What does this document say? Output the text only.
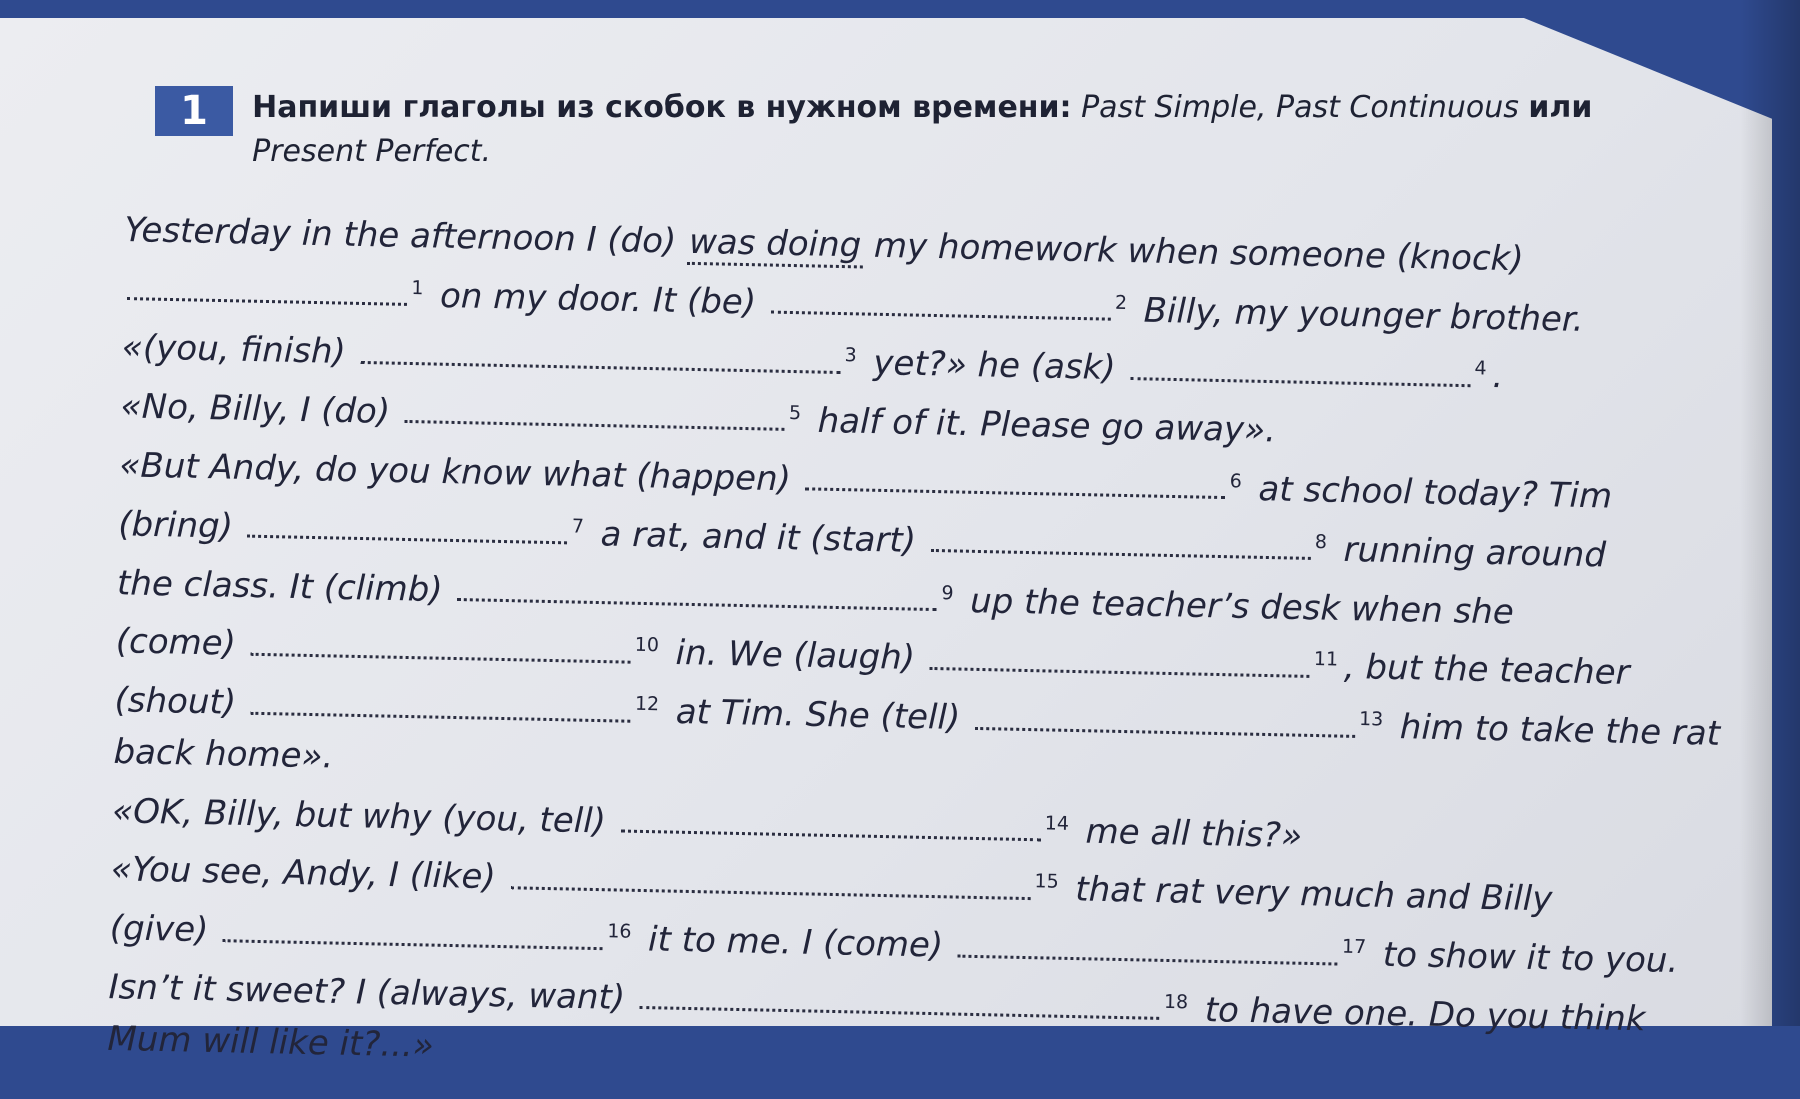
1 Напиши глаголы из скобок в нужном времени: Past Simple, Past Continuous или Present Perfect.
Yesterday in the afternoon I (do) was doing my homework when someone (knock)
$^1$ on my door. It (be)	$^2$ Billy, my younger brother.
«(you, finish)	$^3$ yet?» he (ask)	$^4$ .
«No, Billy, I (do)	$^5$ half of it. Please go away».
«But Andy, do you know what (happen)	$^6$ at school today? Tim
(bring)	$^7$ a rat, and it (start)	$^8$ running around
the class. It (climb)	$^9$ up the teacher’s desk when she
(come)	$^{10}$ in. We (laugh)	$^{11}$ , but the teacher
(shout)	$^{12}$ at Tim. She (tell)	$^{13}$ him to take the rat
back home».
«OK, Billy, but why (you, tell)	$^{14}$ me all this?»
«You see, Andy, I (like)	$^{15}$ that rat very much and Billy
(give)	$^{16}$ it to me. I (come)	$^{17}$ to show it to you.
Isn’t it sweet? I (always, want)	$^{18}$ to have one. Do you think
Mum will like it?...»
